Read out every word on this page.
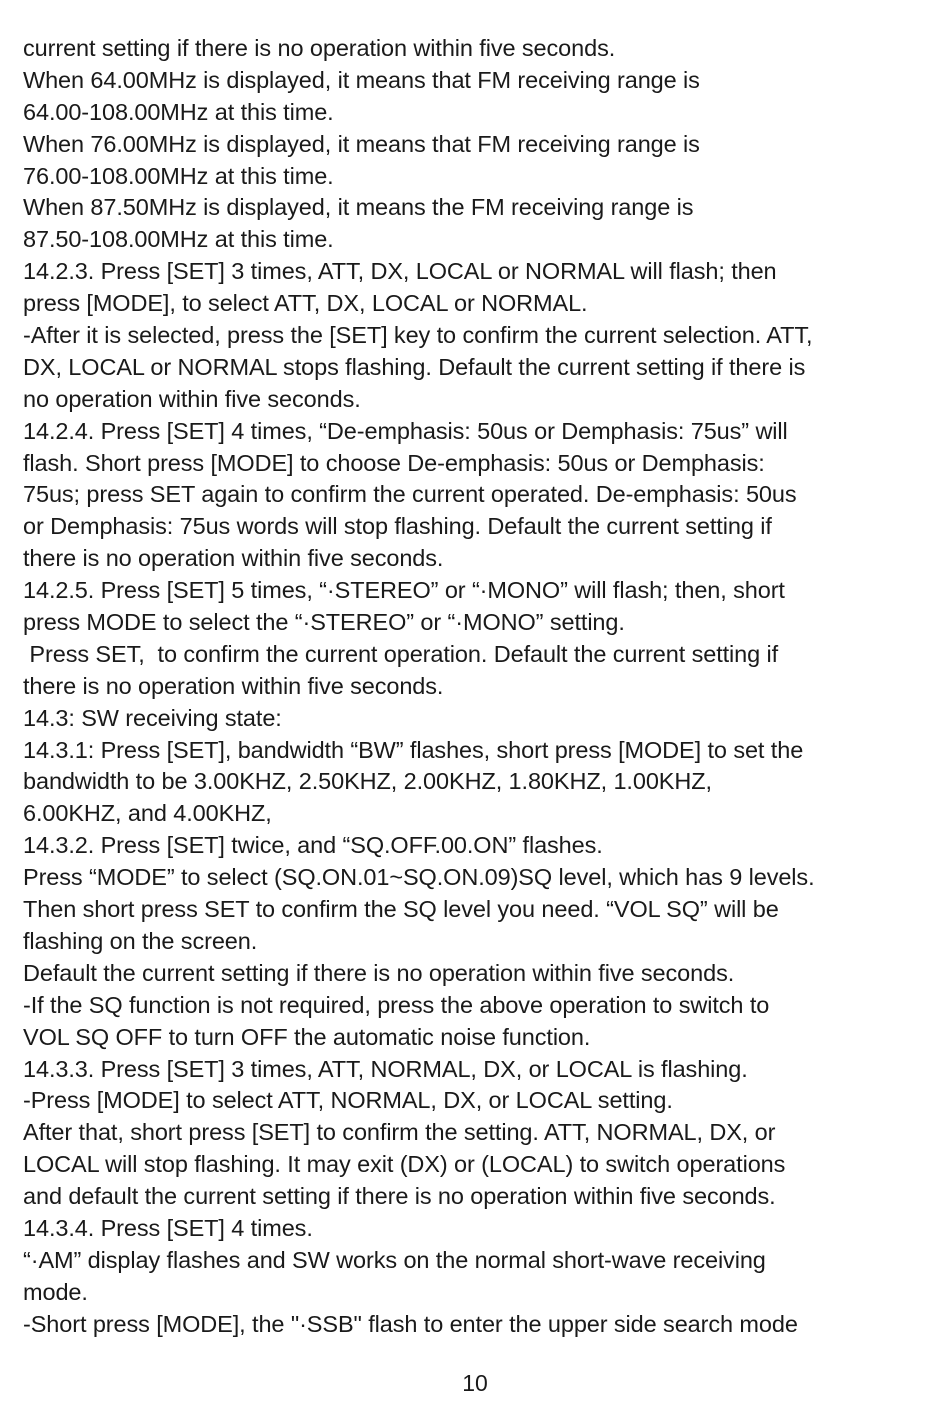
current setting if there is no operation within five seconds.
When 64.00MHz is displayed, it means that FM receiving range is
64.00-108.00MHz at this time.
When 76.00MHz is displayed, it means that FM receiving range is
76.00-108.00MHz at this time.
When 87.50MHz is displayed, it means the FM receiving range is
87.50-108.00MHz at this time.
14.2.3. Press [SET] 3 times, ATT, DX, LOCAL or NORMAL will flash; then
press [MODE], to select ATT, DX, LOCAL or NORMAL.
-After it is selected, press the [SET] key to confirm the current selection. ATT,
DX, LOCAL or NORMAL stops flashing. Default the current setting if there is
no operation within five seconds.
14.2.4. Press [SET] 4 times, “De-emphasis: 50us or Demphasis: 75us” will
flash. Short press [MODE] to choose De-emphasis: 50us or Demphasis:
75us; press SET again to confirm the current operated. De-emphasis: 50us
or Demphasis: 75us words will stop flashing. Default the current setting if
there is no operation within five seconds.
14.2.5. Press [SET] 5 times, “·STEREO” or “·MONO” will flash; then, short
press MODE to select the “·STEREO” or “·MONO” setting.
Press SET,  to confirm the current operation. Default the current setting if
there is no operation within five seconds.
14.3: SW receiving state:
14.3.1: Press [SET], bandwidth “BW” flashes, short press [MODE] to set the
bandwidth to be 3.00KHZ, 2.50KHZ, 2.00KHZ, 1.80KHZ, 1.00KHZ,
6.00KHZ, and 4.00KHZ,
14.3.2. Press [SET] twice, and “SQ.OFF.00.ON” flashes.
Press “MODE” to select (SQ.ON.01~SQ.ON.09)SQ level, which has 9 levels.
Then short press SET to confirm the SQ level you need. “VOL SQ” will be
flashing on the screen.
Default the current setting if there is no operation within five seconds.
-If the SQ function is not required, press the above operation to switch to
VOL SQ OFF to turn OFF the automatic noise function.
14.3.3. Press [SET] 3 times, ATT, NORMAL, DX, or LOCAL is flashing.
-Press [MODE] to select ATT, NORMAL, DX, or LOCAL setting.
After that, short press [SET] to confirm the setting. ATT, NORMAL, DX, or
LOCAL will stop flashing. It may exit (DX) or (LOCAL) to switch operations
and default the current setting if there is no operation within five seconds.
14.3.4. Press [SET] 4 times.
“·AM” display flashes and SW works on the normal short-wave receiving
mode.
-Short press [MODE], the "·SSB" flash to enter the upper side search mode
10
